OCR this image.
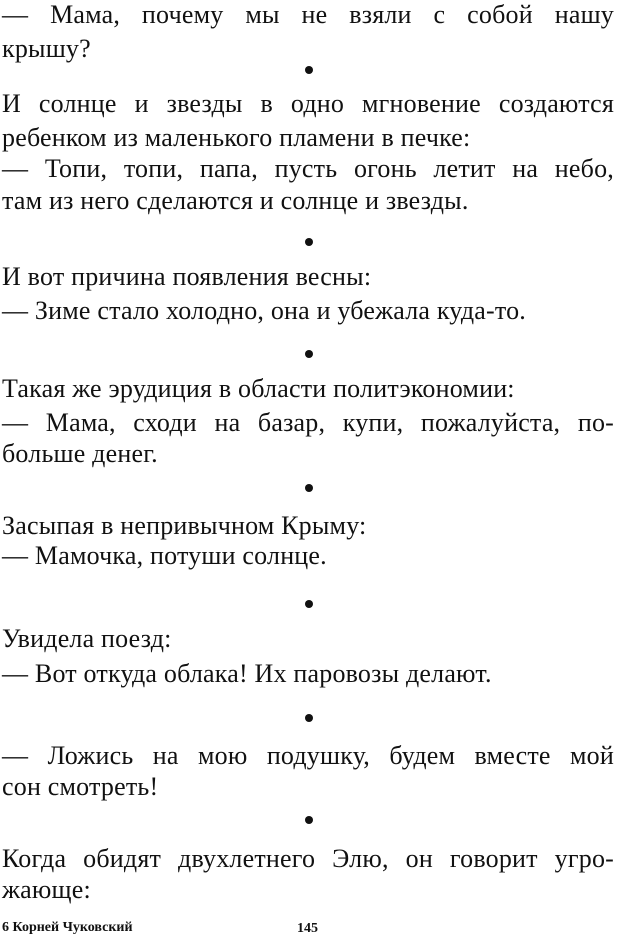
— Мама, почему мы не взяли с собой нашу
крышу?
И солнце и звезды в одно мгновение создаются
ребенком из маленького пламени в печке:
— Топи, топи, папа, пусть огонь летит на небо,
там из него сделаются и солнце и звезды.
И вот причина появления весны:
— Зиме стало холодно, она и убежала куда-то.
Такая же эрудиция в области политэкономии:
— Мама, сходи на базар, купи, пожалуйста, по-
больше денег.
Засыпая в непривычном Крыму:
— Мамочка, потуши солнце.
Увидела поезд:
— Вот откуда облака! Их паровозы делают.
— Ложись на мою подушку, будем вместе мой
сон смотреть!
Когда обидят двухлетнего Элю, он говорит угро-
жающе:
6 Корней Чуковский	145
